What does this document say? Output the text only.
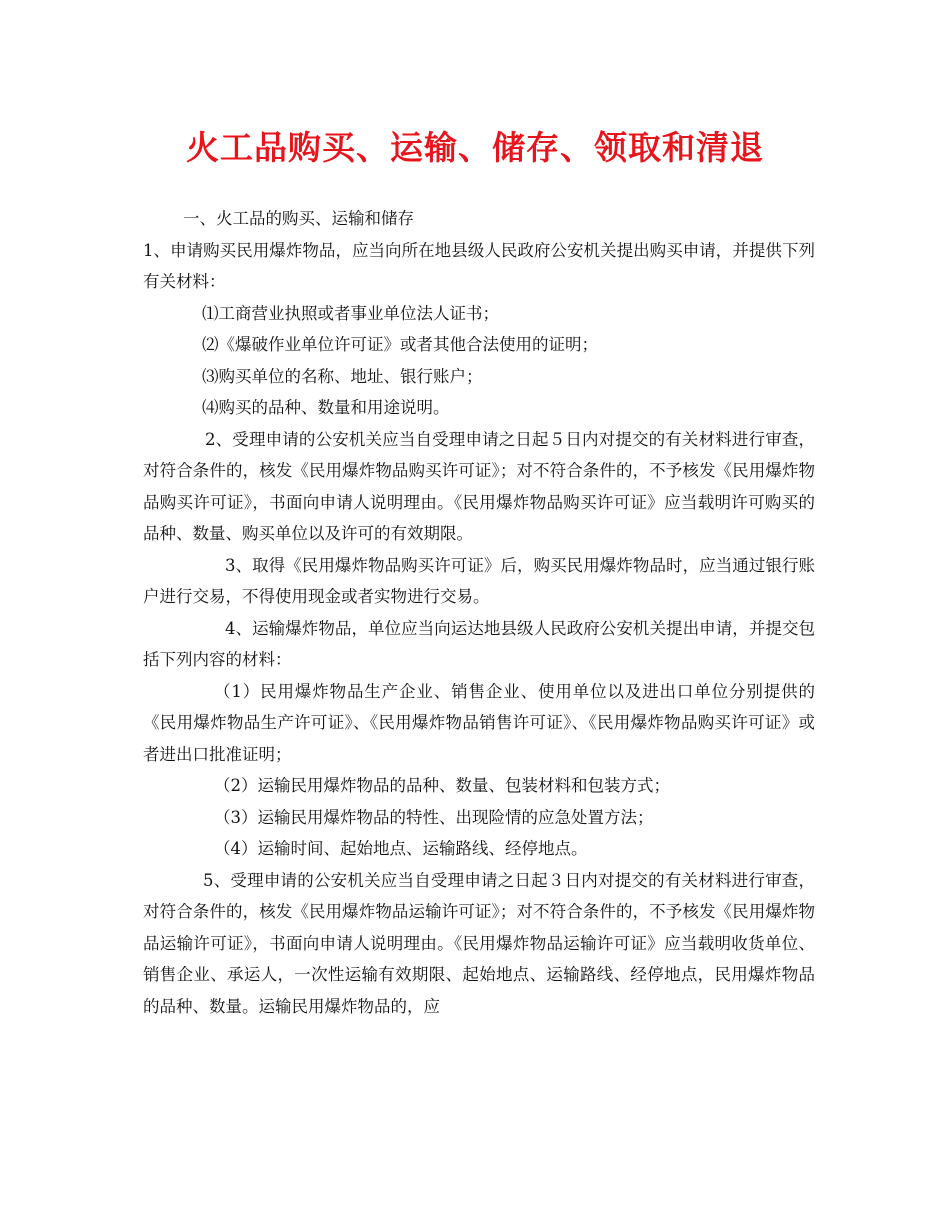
火工品购买、运输、储存、领取和清退

一、火工品的购买、运输和储存

1、申请购买民用爆炸物品，应当向所在地县级人民政府公安机关提出购买申请，并提供下列有关材料：

⑴工商营业执照或者事业单位法人证书；

⑵《爆破作业单位许可证》或者其他合法使用的证明；

⑶购买单位的名称、地址、银行账户；

⑷购买的品种、数量和用途说明。

2、受理申请的公安机关应当自受理申请之日起５日内对提交的有关材料进行审查，对符合条件的，核发《民用爆炸物品购买许可证》；对不符合条件的，不予核发《民用爆炸物品购买许可证》，书面向申请人说明理由。《民用爆炸物品购买许可证》应当载明许可购买的品种、数量、购买单位以及许可的有效期限。

3、取得《民用爆炸物品购买许可证》后，购买民用爆炸物品时，应当通过银行账户进行交易，不得使用现金或者实物进行交易。

4、运输爆炸物品，单位应当向运达地县级人民政府公安机关提出申请，并提交包括下列内容的材料：

（1）民用爆炸物品生产企业、销售企业、使用单位以及进出口单位分别提供的《民用爆炸物品生产许可证》、《民用爆炸物品销售许可证》、《民用爆炸物品购买许可证》或者进出口批准证明；

（2）运输民用爆炸物品的品种、数量、包装材料和包装方式；

（3）运输民用爆炸物品的特性、出现险情的应急处置方法；

（4）运输时间、起始地点、运输路线、经停地点。

5、受理申请的公安机关应当自受理申请之日起３日内对提交的有关材料进行审查，对符合条件的，核发《民用爆炸物品运输许可证》；对不符合条件的，不予核发《民用爆炸物品运输许可证》，书面向申请人说明理由。《民用爆炸物品运输许可证》应当载明收货单位、销售企业、承运人，一次性运输有效期限、起始地点、运输路线、经停地点，民用爆炸物品的品种、数量。运输民用爆炸物品的，应
